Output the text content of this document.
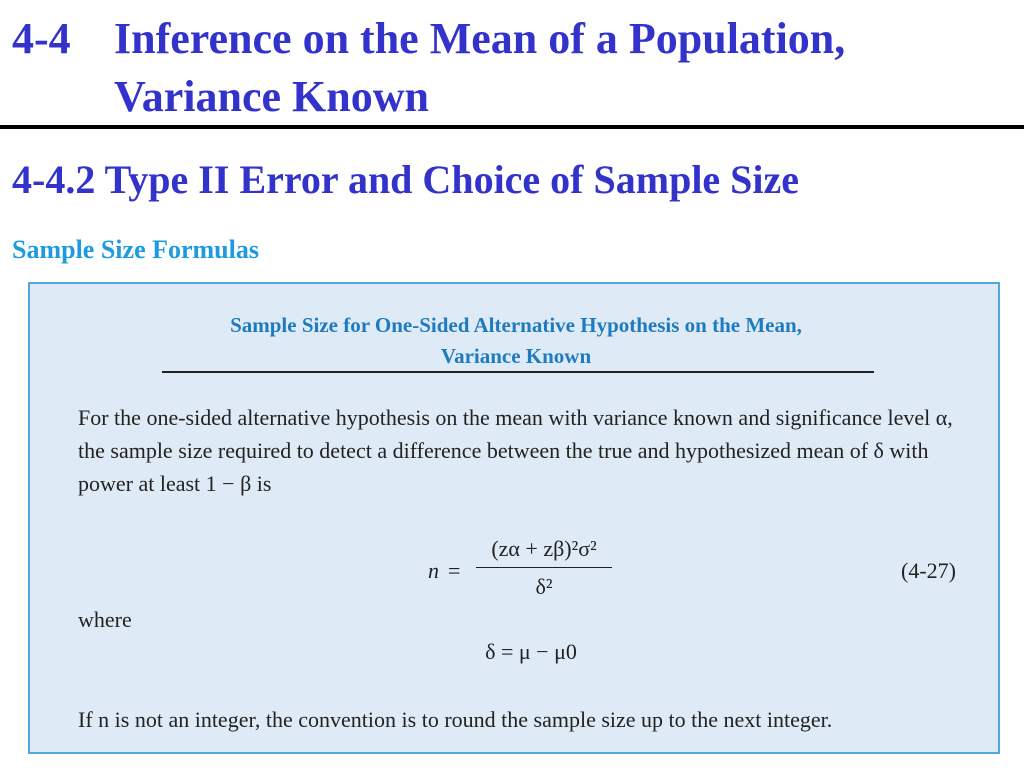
4-4 Inference on the Mean of a Population,
Variance Known
4-4.2 Type II Error and Choice of Sample Size
Sample Size Formulas
Sample Size for One-Sided Alternative Hypothesis on the Mean,
Variance Known
For the one-sided alternative hypothesis on the mean with variance known and significance level α, the sample size required to detect a difference between the true and hypothesized mean of δ with power at least 1 − β is
n =
(zα + zβ)²σ²
δ²
(4-27)
where
δ = μ − μ0
If n is not an integer, the convention is to round the sample size up to the next integer.
